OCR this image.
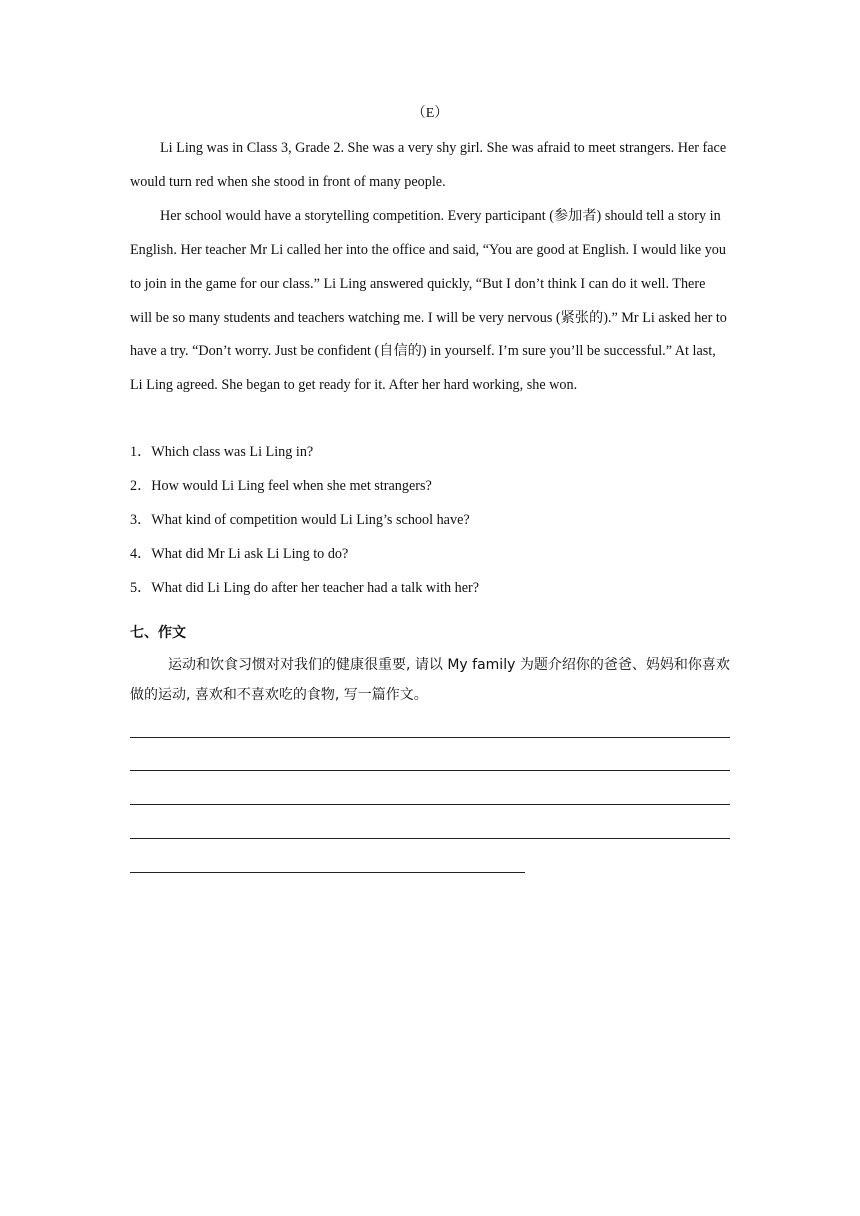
（E）

Li Ling was in Class 3, Grade 2. She was a very shy girl. She was afraid to meet strangers. Her face would turn red when she stood in front of many people.

Her school would have a storytelling competition. Every participant (参加者) should tell a story in English. Her teacher Mr Li called her into the office and said, “You are good at English. I would like you to join in the game for our class.” Li Ling answered quickly, “But I don’t think I can do it well. There will be so many students and teachers watching me. I will be very nervous (紧张的).” Mr Li asked her to have a try. “Don’t worry. Just be confident (自信的) in yourself. I’m sure you’ll be successful.” At last, Li Ling agreed. She began to get ready for it. After her hard working, she won.

1．Which class was Li Ling in?

2．How would Li Ling feel when she met strangers?

3．What kind of competition would Li Ling’s school have?

4．What did Mr Li ask Li Ling to do?

5．What did Li Ling do after her teacher had a talk with her?

七、作文

运动和饮食习惯对对我们的健康很重要, 请以 My family 为题介绍你的爸爸、妈妈和你喜欢做的运动, 喜欢和不喜欢吃的食物, 写一篇作文。
